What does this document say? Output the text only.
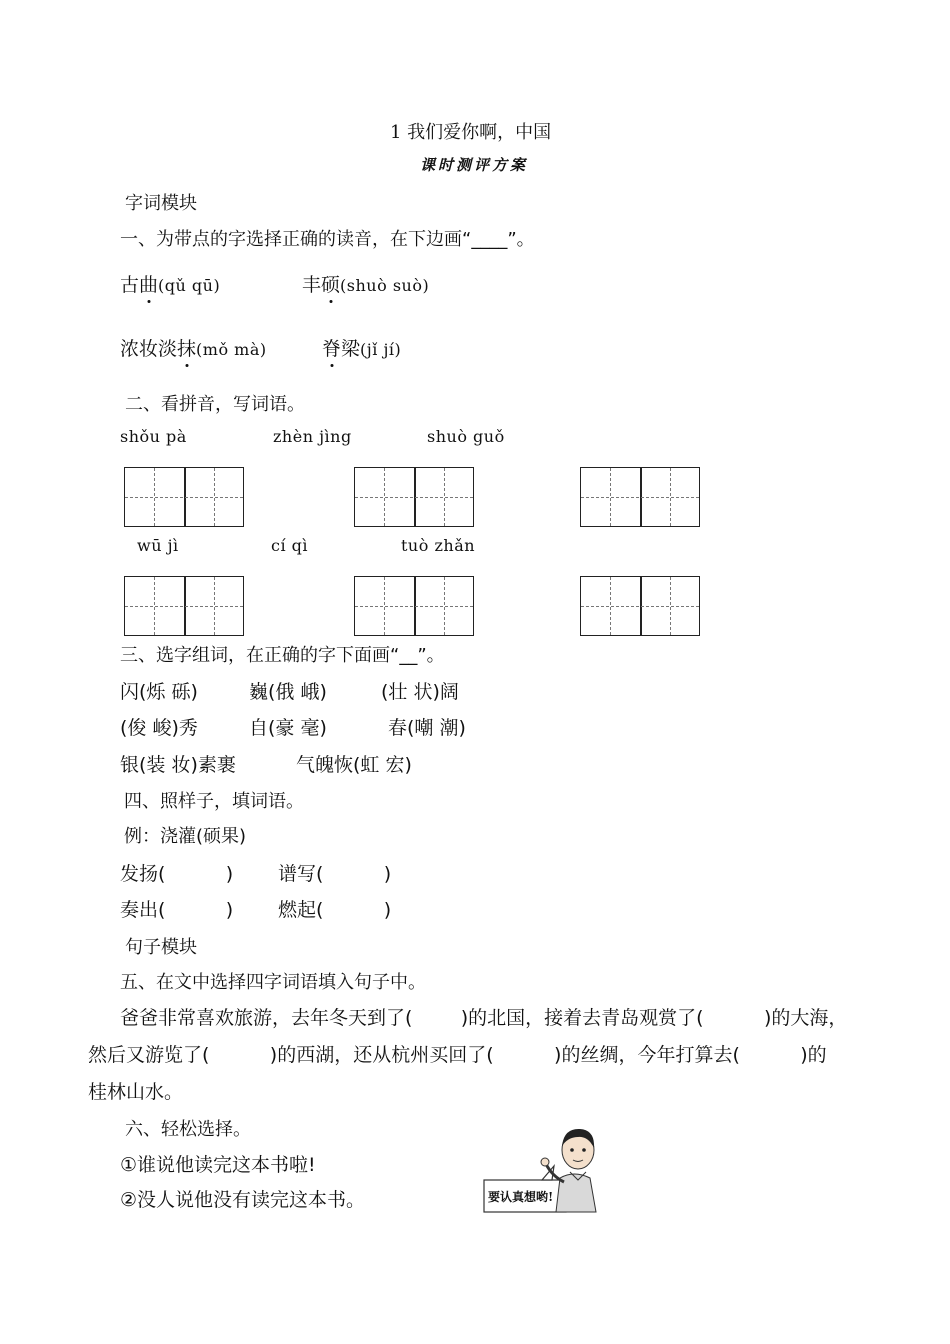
1 我们爱你啊，中国
课时测评方案
字词模块
一、为带点的字选择正确的读音，在下边画“____”。
古曲(qǔ qū)	丰硕(shuò suò)
浓妆淡抹(mǒ mà)	脊梁(jǐ jí)
二、看拼音，写词语。
shǒu pà	zhèn jìng	shuò guǒ
wū jì	cí qì	tuò zhǎn
三、选字组词，在正确的字下面画“__”。
闪(烁 砾)	巍(俄 峨)	(壮 状)阔
(俊 峻)秀	自(豪 毫)	春(嘲 潮)
银(装 妆)素裹	气魄恢(虹 宏)
四、照样子，填词语。
例：浇灌(硕果)
发扬(          ) 谱写(          )
奏出(          ) 燃起(          )
句子模块
五、在文中选择四字词语填入句子中。
爸爸非常喜欢旅游，去年冬天到了(        )的北国，接着去青岛观赏了(          )的大海，
然后又游览了(          )的西湖，还从杭州买回了(          )的丝绸，今年打算去(          )的
桂林山水。
六、轻松选择。
①谁说他读完这本书啦!
②没人说他没有读完这本书。	要认真想哟!
